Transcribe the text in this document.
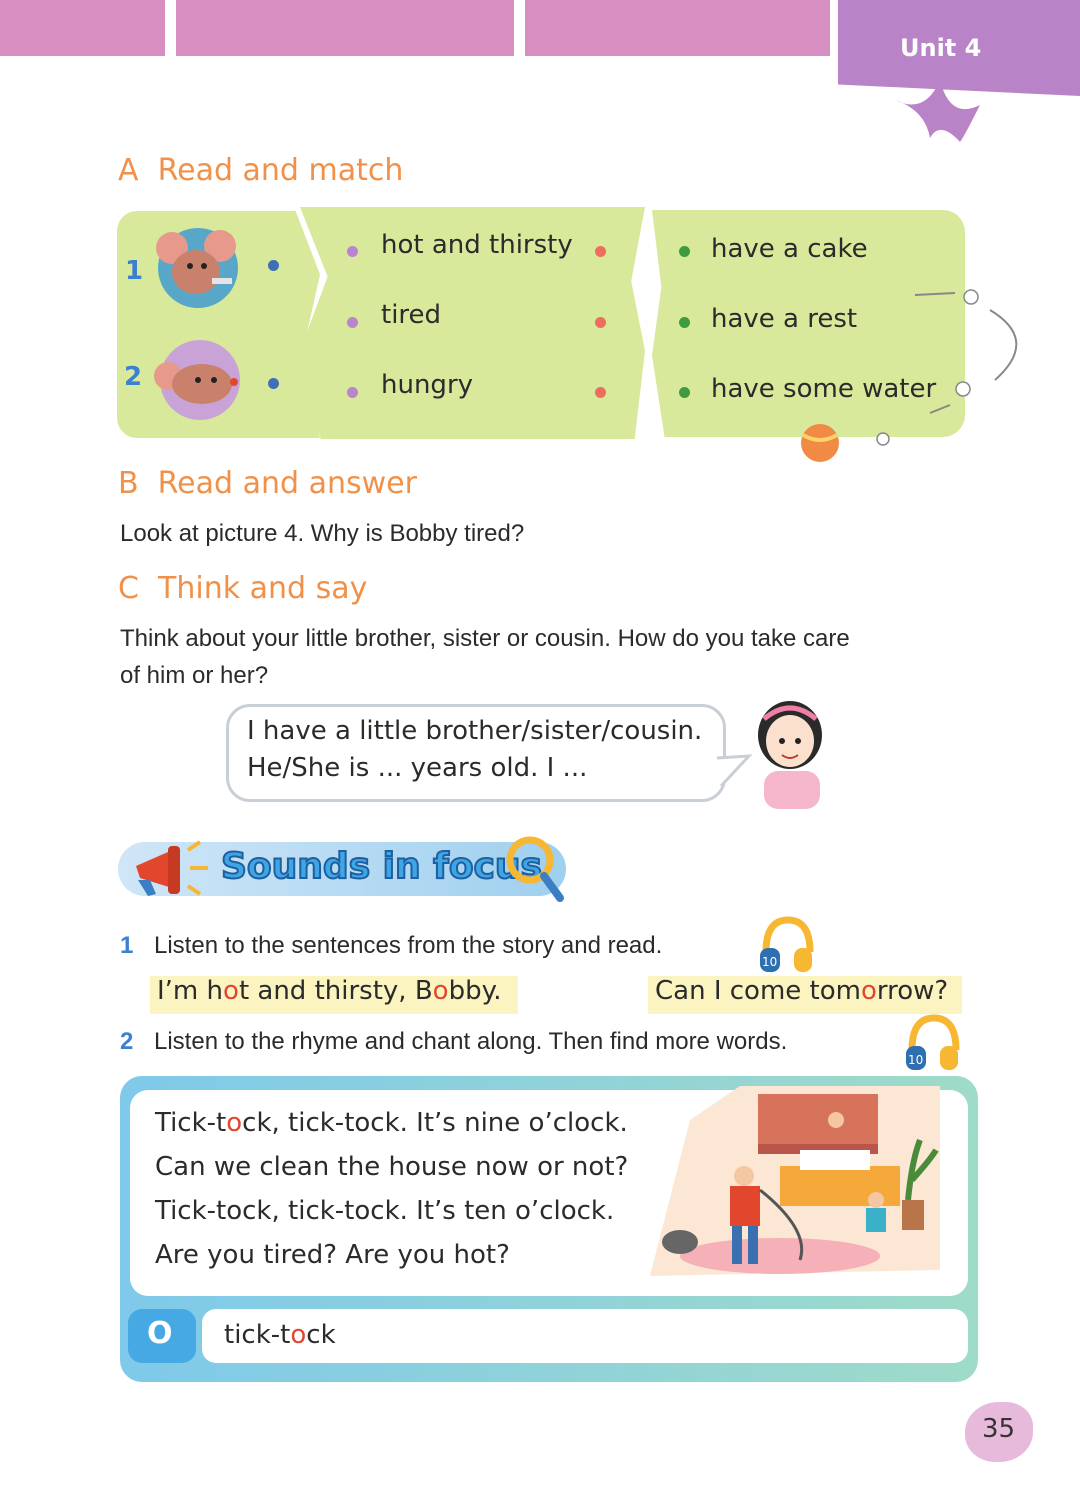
Unit 4
A Read and match
1
2
hot and thirsty
tired
hungry
have a cake
have a rest
have some water
B Read and answer
Look at picture 4. Why is Bobby tired?
C Think and say
Think about your little brother, sister or cousin. How do you take care
of him or her?
I have a little brother/sister/cousin.
He/She is ... years old. I ...
Sounds in focus
1 Listen to the sentences from the story and read.
10
I’m hot and thirsty, Bobby.	Can I come tomorrow?
2 Listen to the rhyme and chant along. Then find more words.
10
Tick-tock, tick-tock. It’s nine o’clock.
Can we clean the house now or not?
Tick-tock, tick-tock. It’s ten o’clock.
Are you tired? Are you hot?
O tick-tock
35
